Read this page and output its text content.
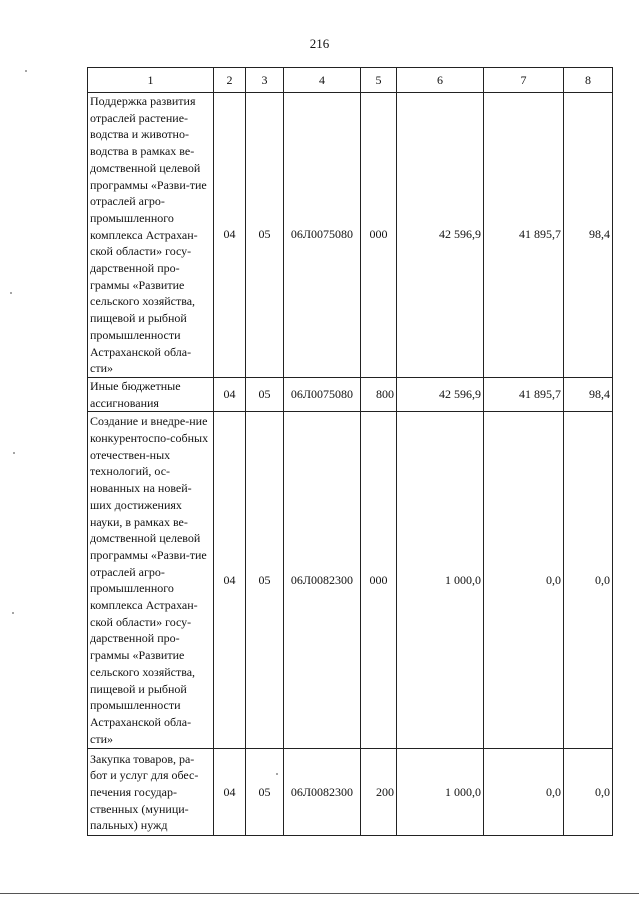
216
1	2	3	4	5	6	7	8
Поддержка развития отраслей растение-водства и животно-водства в рамках ве-домственной целевой программы «Разви-тие отраслей агро-промышленного комплекса Астрахан-ской области» госу-дарственной про-граммы «Развитие сельского хозяйства, пищевой и рыбной промышленности Астраханской обла-сти»	04	05	06Л0075080	000	42 596,9	41 895,7	98,4
Иные бюджетные ассигнования	04	05	06Л0075080	800	42 596,9	41 895,7	98,4
Создание и внедре-ние конкурентоспо-собных отечествен-ных технологий, ос-нованных на новей-ших достижениях науки, в рамках ве-домственной целевой программы «Разви-тие отраслей агро-промышленного комплекса Астрахан-ской области» госу-дарственной про-граммы «Развитие сельского хозяйства, пищевой и рыбной промышленности Астраханской обла-сти»	04	05	06Л0082300	000	1 000,0	0,0	0,0
Закупка товаров, ра-бот и услуг для обес-печения государ-ственных (муници-пальных) нужд	04	05	06Л0082300	200	1 000,0	0,0	0,0
